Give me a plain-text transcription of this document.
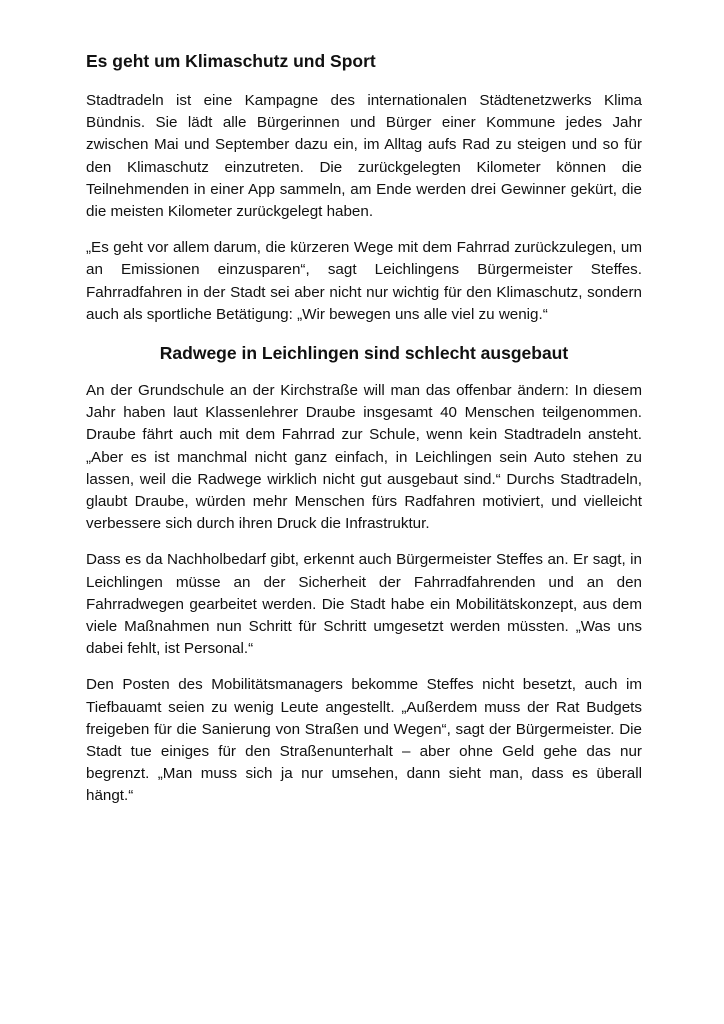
Es geht um Klimaschutz und Sport

Stadtradeln ist eine Kampagne des internationalen Städtenetzwerks Klima Bündnis. Sie lädt alle Bürgerinnen und Bürger einer Kommune jedes Jahr zwischen Mai und September dazu ein, im Alltag aufs Rad zu steigen und so für den Klimaschutz einzutreten. Die zurückgelegten Kilometer können die Teilnehmenden in einer App sammeln, am Ende werden drei Gewinner gekürt, die die meisten Kilometer zurückgelegt haben.

„Es geht vor allem darum, die kürzeren Wege mit dem Fahrrad zurückzulegen, um an Emissionen einzusparen“, sagt Leichlingens Bürgermeister Steffes. Fahrradfahren in der Stadt sei aber nicht nur wichtig für den Klimaschutz, sondern auch als sportliche Betätigung: „Wir bewegen uns alle viel zu wenig.“

Radwege in Leichlingen sind schlecht ausgebaut

An der Grundschule an der Kirchstraße will man das offenbar ändern: In diesem Jahr haben laut Klassenlehrer Draube insgesamt 40 Menschen teilgenommen. Draube fährt auch mit dem Fahrrad zur Schule, wenn kein Stadtradeln ansteht. „Aber es ist manchmal nicht ganz einfach, in Leichlingen sein Auto stehen zu lassen, weil die Radwege wirklich nicht gut ausgebaut sind.“ Durchs Stadtradeln, glaubt Draube, würden mehr Menschen fürs Radfahren motiviert, und vielleicht verbessere sich durch ihren Druck die Infrastruktur.

Dass es da Nachholbedarf gibt, erkennt auch Bürgermeister Steffes an. Er sagt, in Leichlingen müsse an der Sicherheit der Fahrradfahrenden und an den Fahrradwegen gearbeitet werden. Die Stadt habe ein Mobilitätskonzept, aus dem viele Maßnahmen nun Schritt für Schritt umgesetzt werden müssten. „Was uns dabei fehlt, ist Personal.“

Den Posten des Mobilitätsmanagers bekomme Steffes nicht besetzt, auch im Tiefbauamt seien zu wenig Leute angestellt. „Außerdem muss der Rat Budgets freigeben für die Sanierung von Straßen und Wegen“, sagt der Bürgermeister. Die Stadt tue einiges für den Straßenunterhalt – aber ohne Geld gehe das nur begrenzt. „Man muss sich ja nur umsehen, dann sieht man, dass es überall hängt.“
